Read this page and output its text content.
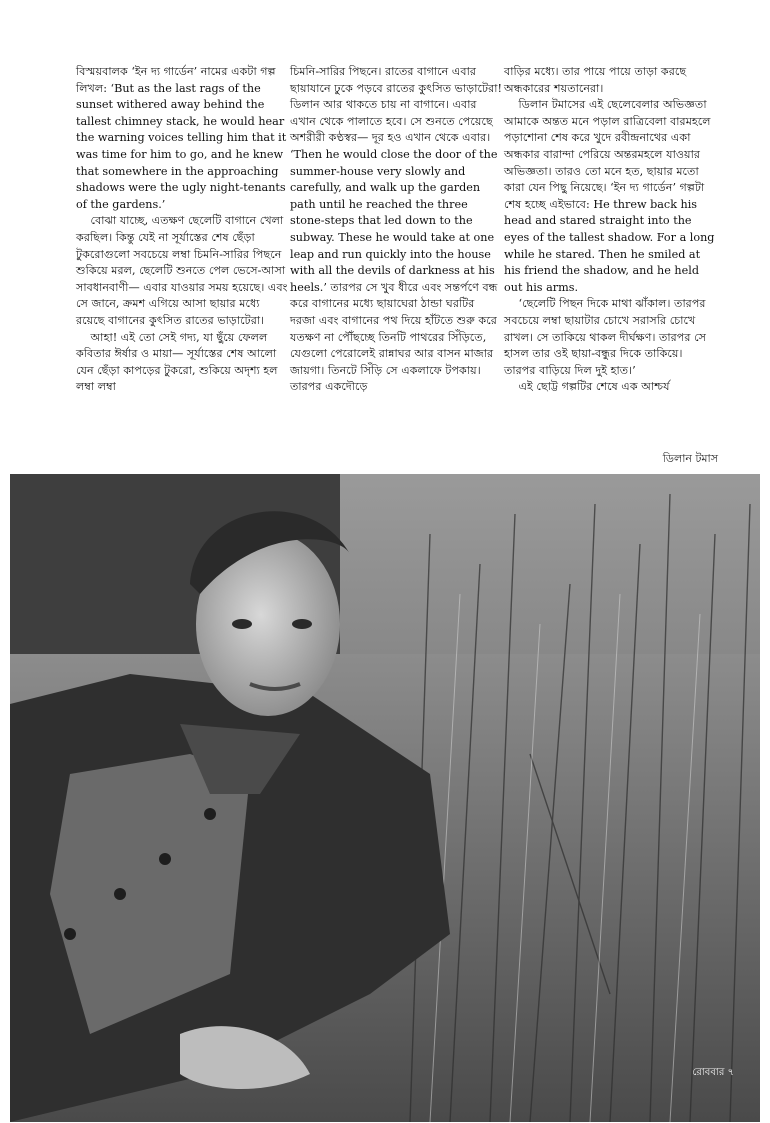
বিস্ময়বালক ‘ইন দ্য গার্ডেন’ নামের একটা গল্প লিখল: ‘But as the last rags of the sunset withered away behind the tallest chimney stack, he would hear the warning voices telling him that it was time for him to go, and he knew that somewhere in the approaching shadows were the ugly night-tenants of the gardens.’

বোঝা যাচ্ছে, এতক্ষণ ছেলেটি বাগানে খেলা করছিল। কিন্তু যেই না সূর্যাস্তের শেষ ছেঁড়া টুকরোগুলো সবচেয়ে লম্বা চিমনি-সারির পিছনে শুকিয়ে মরল, ছেলেটি শুনতে পেল ভেসে-আসা সাবধানবাণী— এবার যাওয়ার সময় হয়েছে। এবং সে জানে, ক্রমশ এগিয়ে আসা ছায়ার মধ্যে রয়েছে বাগানের কুৎসিত রাতের ভাড়াটেরা।

আহা! এই তো সেই গদ্য, যা ছুঁয়ে ফেলল কবিতার ঈর্ষার ও মায়া— সূর্যাস্তের শেষ আলো যেন ছেঁড়া কাপড়ের টুকরো, শুকিয়ে অদৃশ্য হল লম্বা লম্বা

চিমনি-সারির পিছনে। রাতের বাগানে এবার ছায়াযানে ঢুকে পড়বে রাতের কুৎসিত ভাড়াটেরা! ডিলান আর থাকতে চায় না বাগানে। এবার এখান থেকে পালাতে হবে। সে শুনতে পেয়েছে অশরীরী কণ্ঠস্বর— দূর হও এখান থেকে এবার। ‘Then he would close the door of the summer-house very slowly and carefully, and walk up the garden path until he reached the three stone-steps that led down to the subway. These he would take at one leap and run quickly into the house with all the devils of darkness at his heels.’ তারপর সে খুব ধীরে এবং সন্তর্পণে বন্ধ করে বাগানের মধ্যে ছায়াঘেরা ঠান্ডা ঘরটির দরজা এবং বাগানের পথ দিয়ে হাঁটতে শুরু করে যতক্ষণ না পৌঁছচ্ছে তিনটি পাথরের সিঁড়িতে, যেগুলো পেরোলেই রান্নাঘর আর বাসন মাজার জায়গা। তিনটে সিঁড়ি সে একলাফে টপকায়। তারপর একদৌড়ে

বাড়ির মধ্যে। তার পায়ে পায়ে তাড়া করছে অন্ধকারের শয়তানেরা।

ডিলান টমাসের এই ছেলেবেলার অভিজ্ঞতা আমাকে অন্তত মনে পড়াল রাত্রিবেলা বারমহলে পড়াশোনা শেষ করে খুদে রবীন্দ্রনাথের একা অন্ধকার বারান্দা পেরিয়ে অন্তরমহলে যাওয়ার অভিজ্ঞতা। তারও তো মনে হত, ছায়ার মতো কারা যেন পিছু নিয়েছে। ‘ইন দ্য গার্ডেন’ গল্পটা শেষ হচ্ছে এইভাবে: He threw back his head and stared straight into the eyes of the tallest shadow. For a long while he stared. Then he smiled at his friend the shadow, and he held out his arms.

‘ছেলেটি পিছন দিকে মাথা ঝাঁকাল। তারপর সবচেয়ে লম্বা ছায়াটার চোখে সরাসরি চোখে রাখল। সে তাকিয়ে থাকল দীর্ঘক্ষণ। তারপর সে হাসল তার ওই ছায়া-বন্ধুর দিকে তাকিয়ে। তারপর বাড়িয়ে দিল দুই হাত।’

এই ছোট্ট গল্পটির শেষে এক আশ্চর্য

ডিলান টমাস
রোববার ৭
